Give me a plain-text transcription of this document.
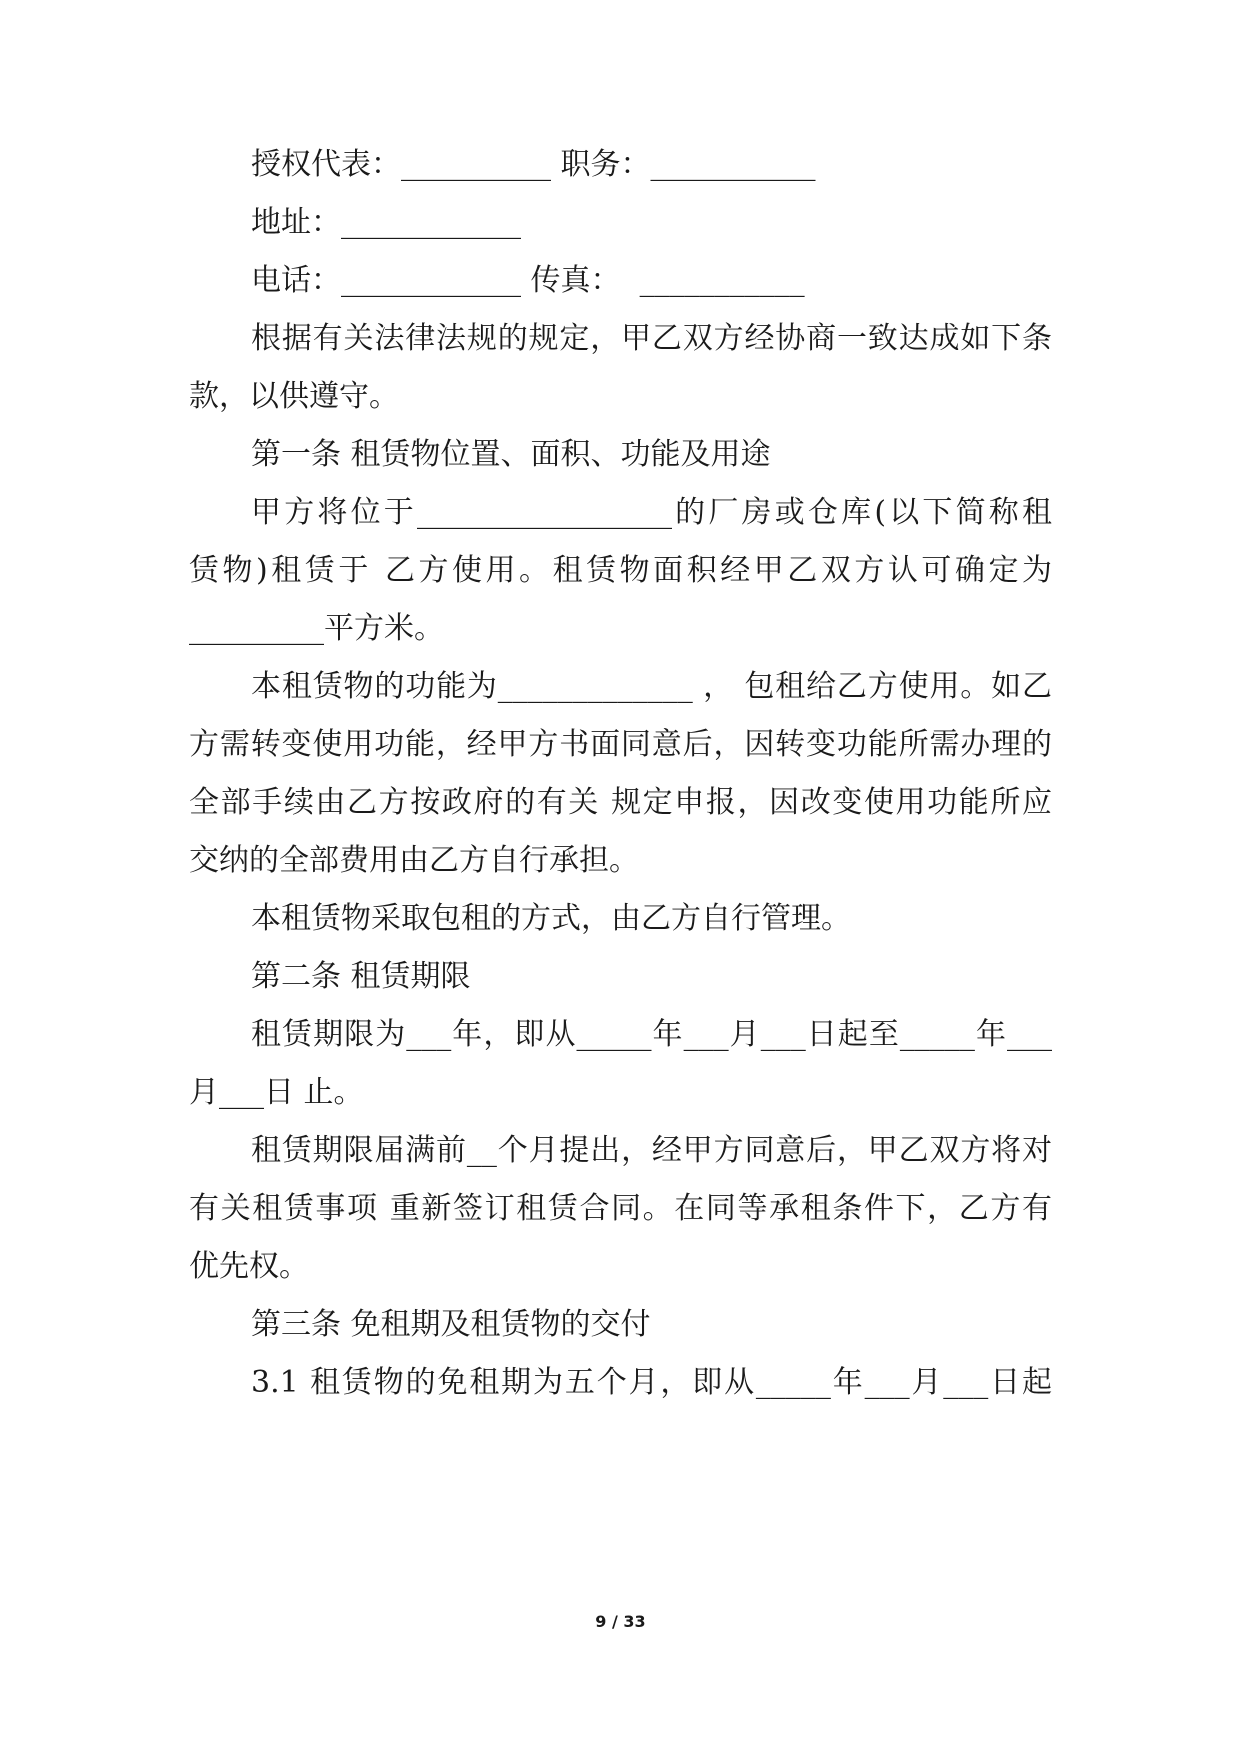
授权代表：__________ 职务：___________
地址：____________
电话：____________ 传真：  ___________
根据有关法律法规的规定，甲乙双方经协商一致达成如下条
款，以供遵守。
第一条 租赁物位置、面积、功能及用途
甲方将位于_________________的厂房或仓库(以下简称租
赁物)租赁于 乙方使用。租赁物面积经甲乙双方认可确定为
_________平方米。
本租赁物的功能为_____________ ， 包租给乙方使用。如乙
方需转变使用功能，经甲方书面同意后，因转变功能所需办理的
全部手续由乙方按政府的有关 规定申报，因改变使用功能所应
交纳的全部费用由乙方自行承担。
本租赁物采取包租的方式，由乙方自行管理。
第二条 租赁期限
租赁期限为___年，即从_____年___月___日起至_____年___
月___日 止。
租赁期限届满前__个月提出，经甲方同意后，甲乙双方将对
有关租赁事项 重新签订租赁合同。在同等承租条件下，乙方有
优先权。
第三条 免租期及租赁物的交付
3.1 租赁物的免租期为五个月，即从_____年___月___日起
9 / 33
